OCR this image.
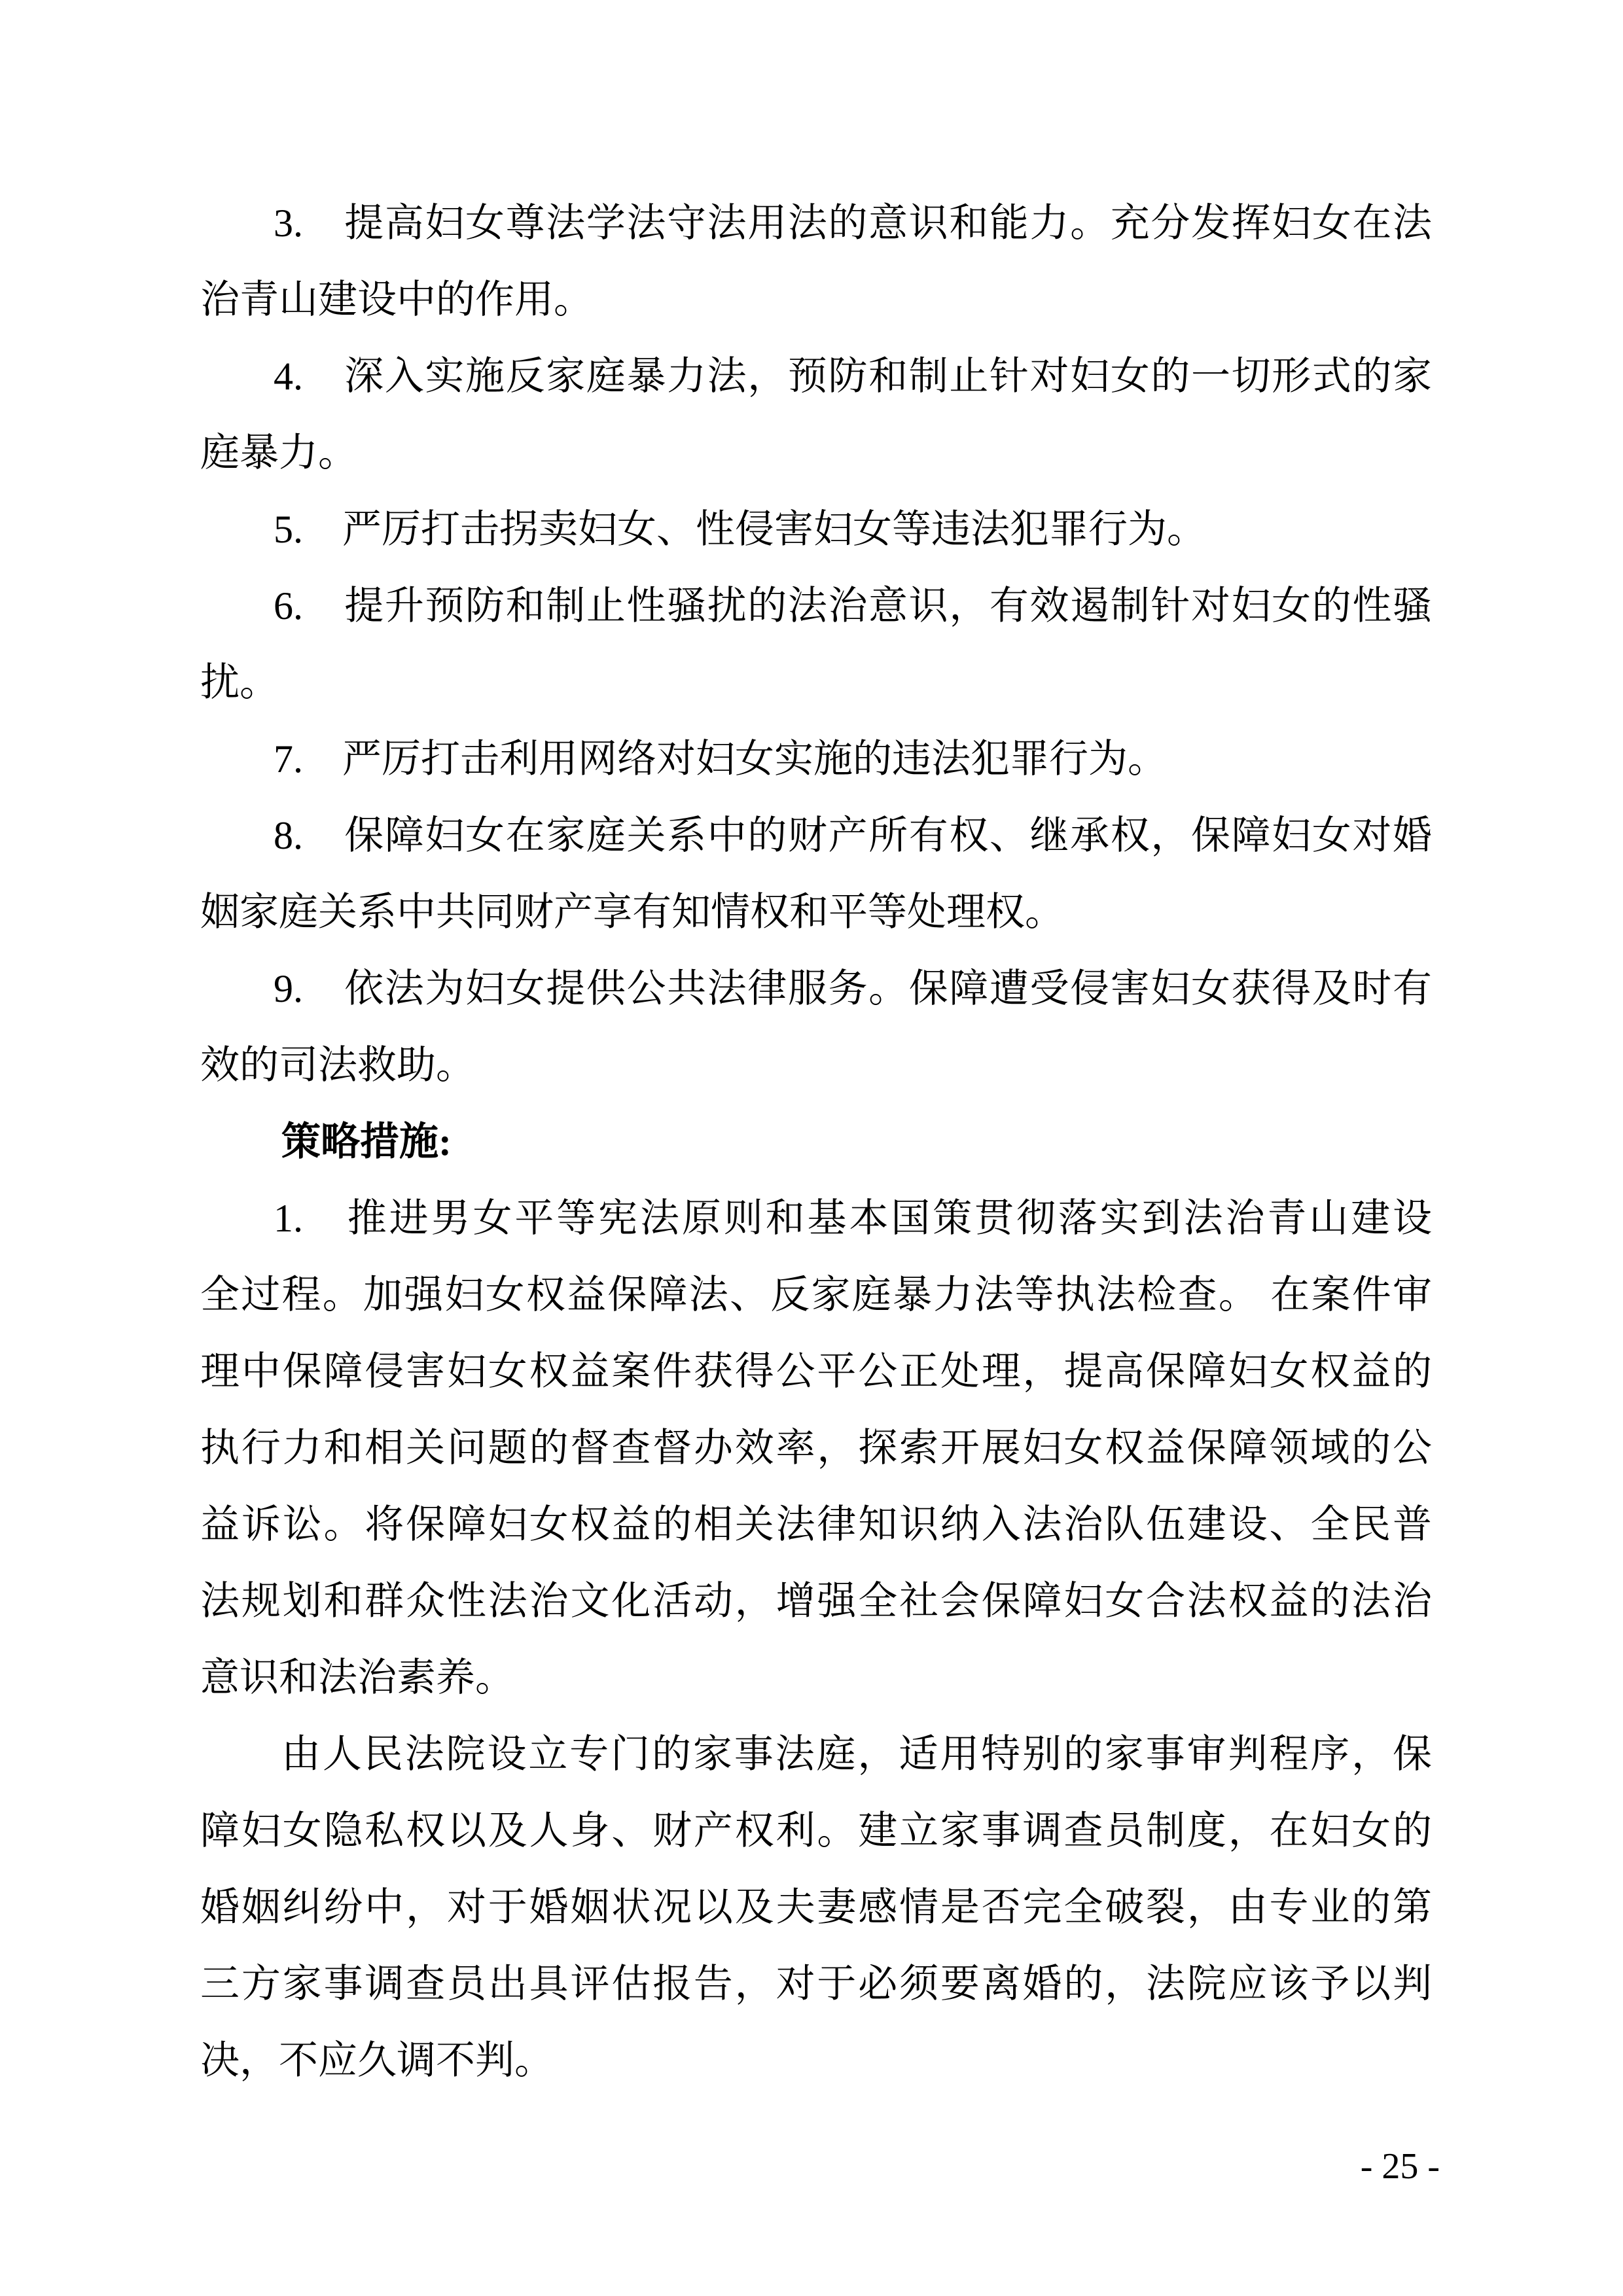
3.　提高妇女尊法学法守法用法的意识和能力。充分发挥妇女在法
治青山建设中的作用。
4.　深入实施反家庭暴力法，预防和制止针对妇女的一切形式的家
庭暴力。
5.　严厉打击拐卖妇女、性侵害妇女等违法犯罪行为。
6.　提升预防和制止性骚扰的法治意识，有效遏制针对妇女的性骚
扰。
7.　严厉打击利用网络对妇女实施的违法犯罪行为。
8.　保障妇女在家庭关系中的财产所有权、继承权，保障妇女对婚
姻家庭关系中共同财产享有知情权和平等处理权。
9.　依法为妇女提供公共法律服务。保障遭受侵害妇女获得及时有
效的司法救助。
策略措施:
1.　推进男女平等宪法原则和基本国策贯彻落实到法治青山建设
全过程。加强妇女权益保障法、反家庭暴力法等执法检查。 在案件审
理中保障侵害妇女权益案件获得公平公正处理，提高保障妇女权益的
执行力和相关问题的督查督办效率，探索开展妇女权益保障领域的公
益诉讼。将保障妇女权益的相关法律知识纳入法治队伍建设、全民普
法规划和群众性法治文化活动，增强全社会保障妇女合法权益的法治
意识和法治素养。
由人民法院设立专门的家事法庭，适用特别的家事审判程序，保
障妇女隐私权以及人身、财产权利。建立家事调查员制度，在妇女的
婚姻纠纷中，对于婚姻状况以及夫妻感情是否完全破裂，由专业的第
三方家事调查员出具评估报告，对于必须要离婚的，法院应该予以判
决，不应久调不判。
- 25 -
